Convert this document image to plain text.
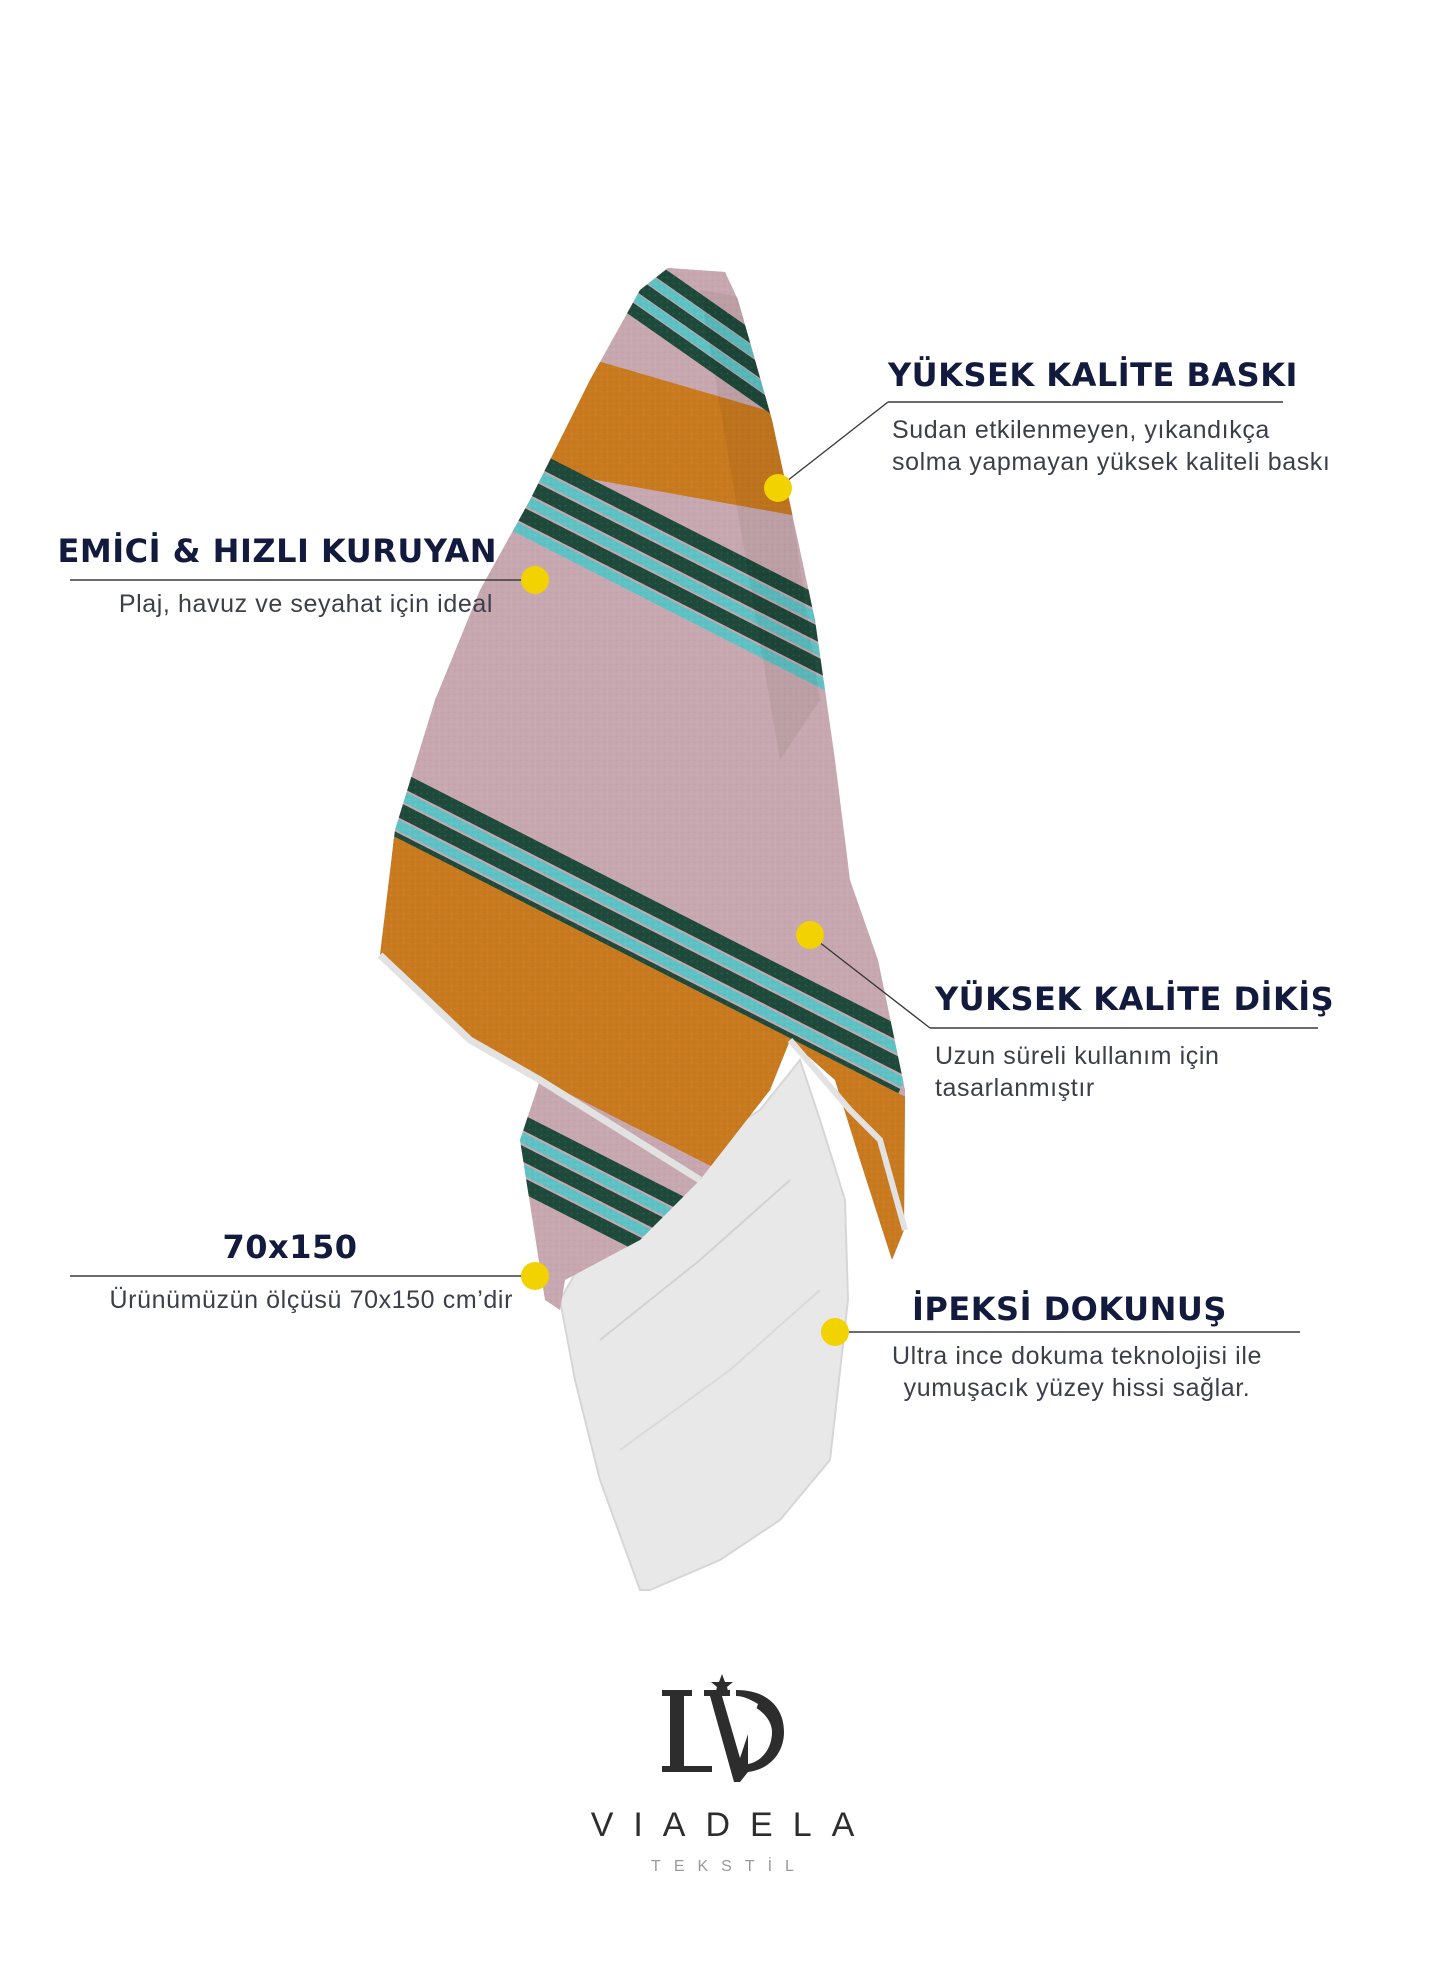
YÜKSEK KALİTE BASKI

Sudan etkilenmeyen, yıkandıkça

solma yapmayan yüksek kaliteli baskı

EMİCİ & HIZLI KURUYAN

Plaj, havuz ve seyahat için ideal

YÜKSEK KALİTE DİKİŞ

Uzun süreli kullanım için

tasarlanmıştır

70x150

Ürünümüzün ölçüsü 70x150 cm’dir	İPEKSİ DOKUNUŞ

Ultra ince dokuma teknolojisi ile

yumuşacık yüzey hissi sağlar.

VIADELA
TEKSTİL
